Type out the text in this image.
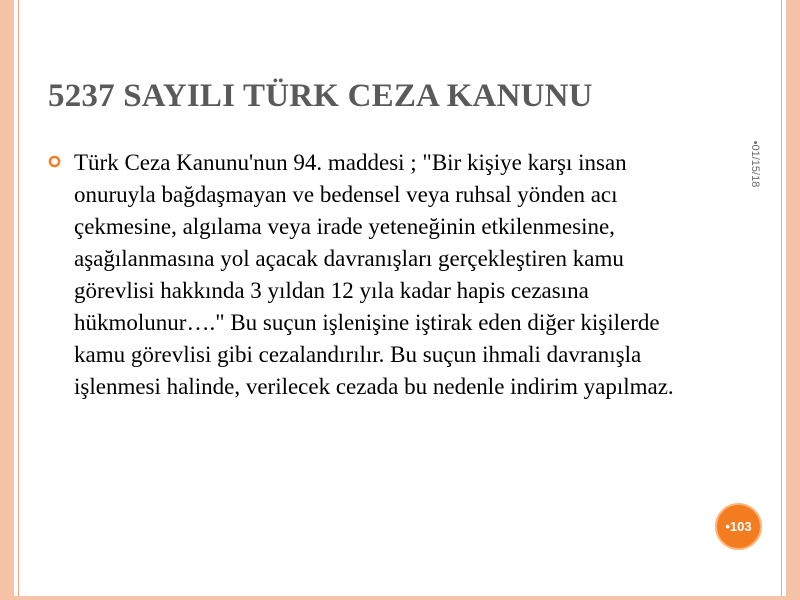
5237 SAYILI TÜRK CEZA KANUNU
Türk Ceza Kanunu'nun 94. maddesi ; "Bir kişiye karşı insan onuruyla bağdaşmayan ve bedensel veya ruhsal yönden acı çekmesine, algılama veya irade yeteneğinin etkilenmesine, aşağılanmasına yol açacak davranışları gerçekleştiren kamu görevlisi hakkında 3 yıldan 12 yıla kadar hapis cezasına hükmolunur…." Bu suçun işlenişine iştirak eden diğer kişilerde kamu görevlisi gibi cezalandırılır. Bu suçun ihmali davranışla işlenmesi halinde, verilecek cezada bu nedenle indirim yapılmaz.
•01/15/18
•103
